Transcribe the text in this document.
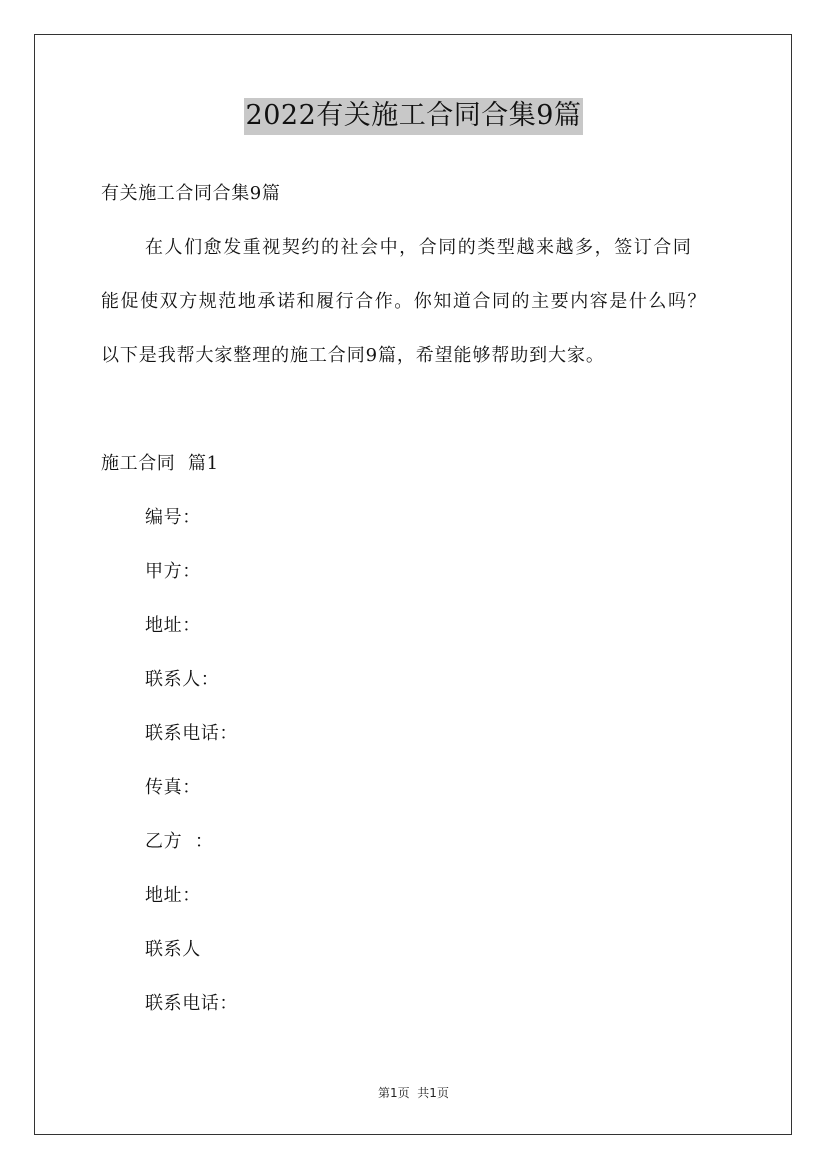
2022有关施工合同合集9篇
有关施工合同合集9篇
在人们愈发重视契约的社会中，合同的类型越来越多，签订合同
能促使双方规范地承诺和履行合作。你知道合同的主要内容是什么吗？
以下是我帮大家整理的施工合同9篇，希望能够帮助到大家。
施工合同  篇1
编号：
甲方：
地址：
联系人：
联系电话：
传真：
乙方  ：
地址：
联系人
联系电话：
第1页  共1页
